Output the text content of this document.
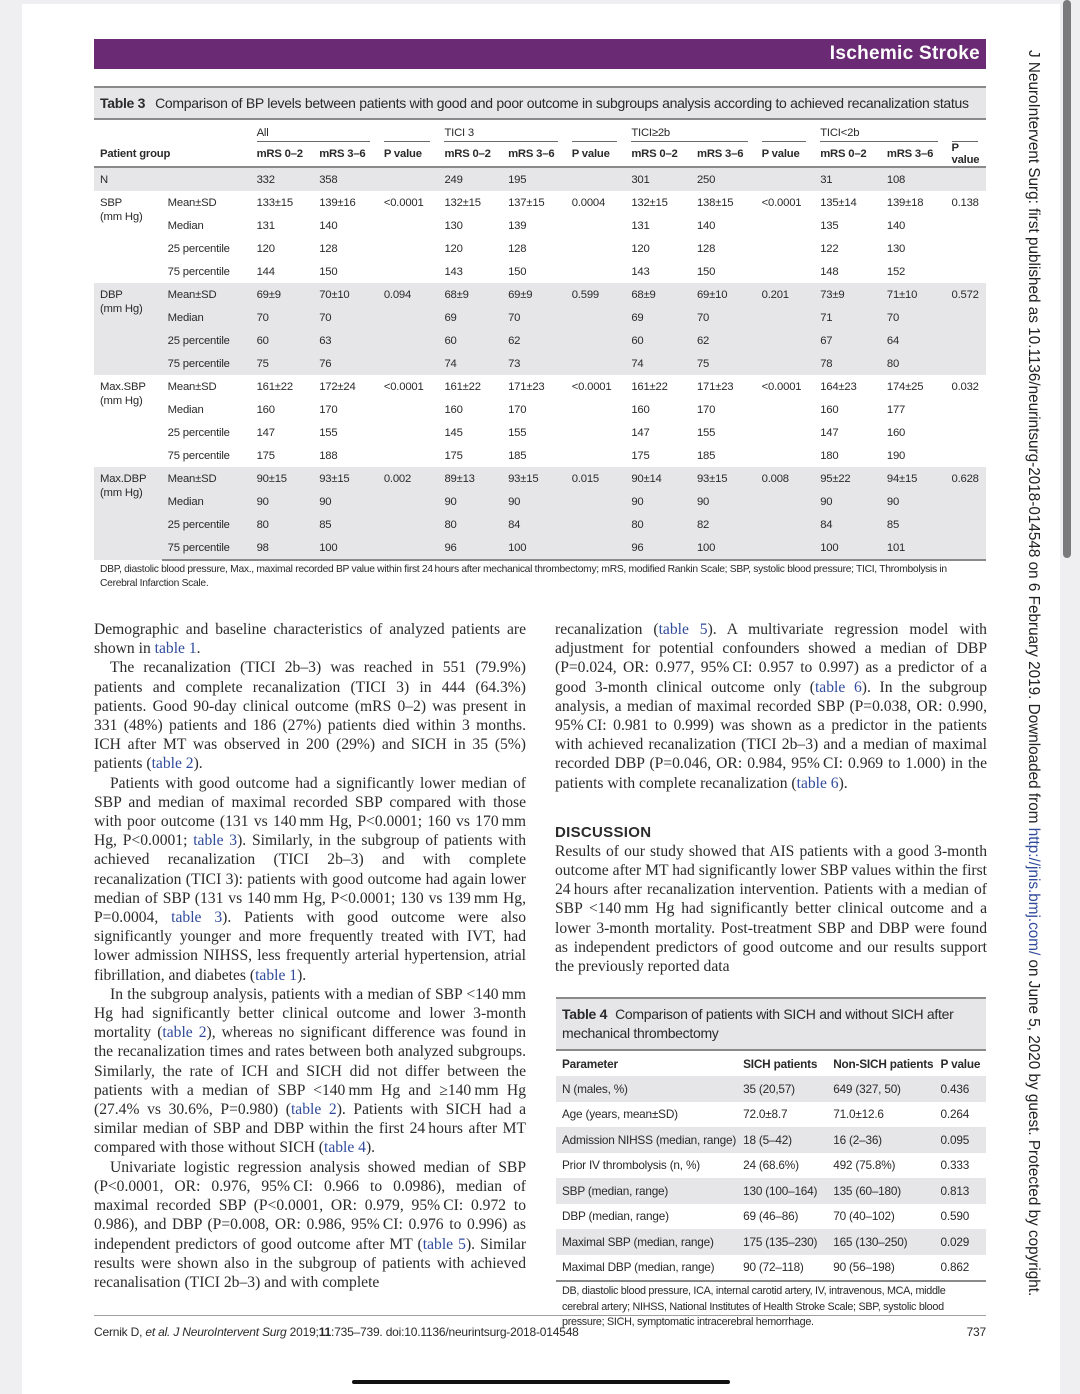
Ischemic Stroke
Table 3 Comparison of BP levels between patients with good and poor outcome in subgroups analysis according to achieved recanalization status

		All			TICI 3			TICI≥2b			TICI<2b		

Patient group		mRS 0–2	mRS 3–6	P value	mRS 0–2	mRS 3–6	P value	mRS 0–2	mRS 3–6	P value	mRS 0–2	mRS 3–6	P value
N		332	358		249	195		301	250		31	108	
SBP
(mm Hg)	Mean±SD	133±15	139±16	<0.0001	132±15	137±15	0.0004	132±15	138±15	<0.0001	135±14	139±18	0.138
	Median	131	140		130	139		131	140		135	140	
	25 percentile	120	128		120	128		120	128		122	130	
	75 percentile	144	150		143	150		143	150		148	152	
DBP
(mm Hg)	Mean±SD	69±9	70±10	0.094	68±9	69±9	0.599	68±9	69±10	0.201	73±9	71±10	0.572
	Median	70	70		69	70		69	70		71	70	
	25 percentile	60	63		60	62		60	62		67	64	
	75 percentile	75	76		74	73		74	75		78	80	
Max.SBP
(mm Hg)	Mean±SD	161±22	172±24	<0.0001	161±22	171±23	<0.0001	161±22	171±23	<0.0001	164±23	174±25	0.032
	Median	160	170		160	170		160	170		160	177	
	25 percentile	147	155		145	155		147	155		147	160	
	75 percentile	175	188		175	185		175	185		180	190	
Max.DBP
(mm Hg)	Mean±SD	90±15	93±15	0.002	89±13	93±15	0.015	90±14	93±15	0.008	95±22	94±15	0.628
	Median	90	90		90	90		90	90		90	90	
	25 percentile	80	85		80	84		80	82		84	85	
	75 percentile	98	100		96	100		96	100		100	101	
DBP, diastolic blood pressure, Max., maximal recorded BP value within first 24 hours after mechanical thrombectomy; mRS, modified Rankin Scale; SBP, systolic blood pressure; TICI, Thrombolysis in Cerebral Infarction Scale.

Demographic and baseline characteristics of analyzed patients are shown in table 1.

The recanalization (TICI 2b–3) was reached in 551 (79.9%) patients and complete recanalization (TICI 3) in 444 (64.3%) patients. Good 90-day clinical outcome (mRS 0–2) was present in 331 (48%) patients and 186 (27%) patients died within 3 months. ICH after MT was observed in 200 (29%) and SICH in 35 (5%) patients (table 2).

Patients with good outcome had a significantly lower median of SBP and median of maximal recorded SBP compared with those with poor outcome (131 vs 140 mm Hg, P<0.0001; 160 vs 170 mm Hg, P<0.0001; table 3). Similarly, in the subgroup of patients with achieved recanalization (TICI 2b–3) and with complete recanalization (TICI 3): patients with good outcome had again lower median of SBP (131 vs 140 mm Hg, P<0.0001; 130 vs 139 mm Hg, P=0.0004, table 3). Patients with good outcome were also significantly younger and more frequently treated with IVT, had lower admission NIHSS, less frequently arterial hypertension, atrial fibrillation, and diabetes (table 1).

In the subgroup analysis, patients with a median of SBP <140 mm Hg had significantly better clinical outcome and lower 3-month mortality (table 2), whereas no significant difference was found in the recanalization times and rates between both analyzed subgroups. Similarly, the rate of ICH and SICH did not differ between the patients with a median of SBP <140 mm Hg and ≥140 mm Hg (27.4% vs 30.6%, P=0.980) (table 2). Patients with SICH had a similar median of SBP and DBP within the first 24 hours after MT compared with those without SICH (table 4).

Univariate logistic regression analysis showed median of SBP (P<0.0001, OR: 0.976, 95% CI: 0.966 to 0.0986), median of maximal recorded SBP (P<0.0001, OR: 0.979, 95% CI: 0.972 to 0.986), and DBP (P=0.008, OR: 0.986, 95% CI: 0.976 to 0.996) as independent predictors of good outcome after MT (table 5). Similar results were shown also in the subgroup of patients with achieved recanalisation (TICI 2b–3) and with complete

recanalization (table 5). A multivariate regression model with adjustment for potential confounders showed a median of DBP (P=0.024, OR: 0.977, 95% CI: 0.957 to 0.997) as a predictor of a good 3-month clinical outcome only (table 6). In the subgroup analysis, a median of maximal recorded SBP (P=0.038, OR: 0.990, 95% CI: 0.981 to 0.999) was shown as a predictor in the patients with achieved recanalization (TICI 2b–3) and a median of maximal recorded DBP (P=0.046, OR: 0.984, 95% CI: 0.969 to 1.000) in the patients with complete recanalization (table 6).

DISCUSSION

Results of our study showed that AIS patients with a good 3-month outcome after MT had significantly lower SBP values within the first 24 hours after recanalization intervention. Patients with a median of SBP <140 mm Hg had significantly better clinical outcome and a lower 3-month mortality. Post-treatment SBP and DBP were found as independent predictors of good outcome and our results support the previously reported data

Table 4 Comparison of patients with SICH and without SICH after mechanical thrombectomy
Parameter	SICH patients	Non-SICH patients	P value
N (males, %)	35 (20,57)	649 (327, 50)	0.436
Age (years, mean±SD)	72.0±8.7	71.0±12.6	0.264
Admission NIHSS (median, range)	18 (5–42)	16 (2–36)	0.095
Prior IV thrombolysis (n, %)	24 (68.6%)	492 (75.8%)	0.333
SBP (median, range)	130 (100–164)	135 (60–180)	0.813
DBP (median, range)	69 (46–86)	70 (40–102)	0.590
Maximal SBP (median, range)	175 (135–230)	165 (130–250)	0.029
Maximal DBP (median, range)	90 (72–118)	90 (56–198)	0.862
DB, diastolic blood pressure, ICA, internal carotid artery, IV, intravenous, MCA, middle cerebral artery; NIHSS, National Institutes of Health Stroke Scale; SBP, systolic blood pressure; SICH, symptomatic intracerebral hemorrhage.
Cernik D, et al. J NeuroIntervent Surg 2019;11:735–739. doi:10.1136/neurintsurg-2018-014548	737
J NeuroIntervent Surg: first published as 10.1136/neurintsurg-2018-014548 on 6 February 2019. Downloaded from http://jnis.bmj.com/ on June 5, 2020 by guest. Protected by copyright.
